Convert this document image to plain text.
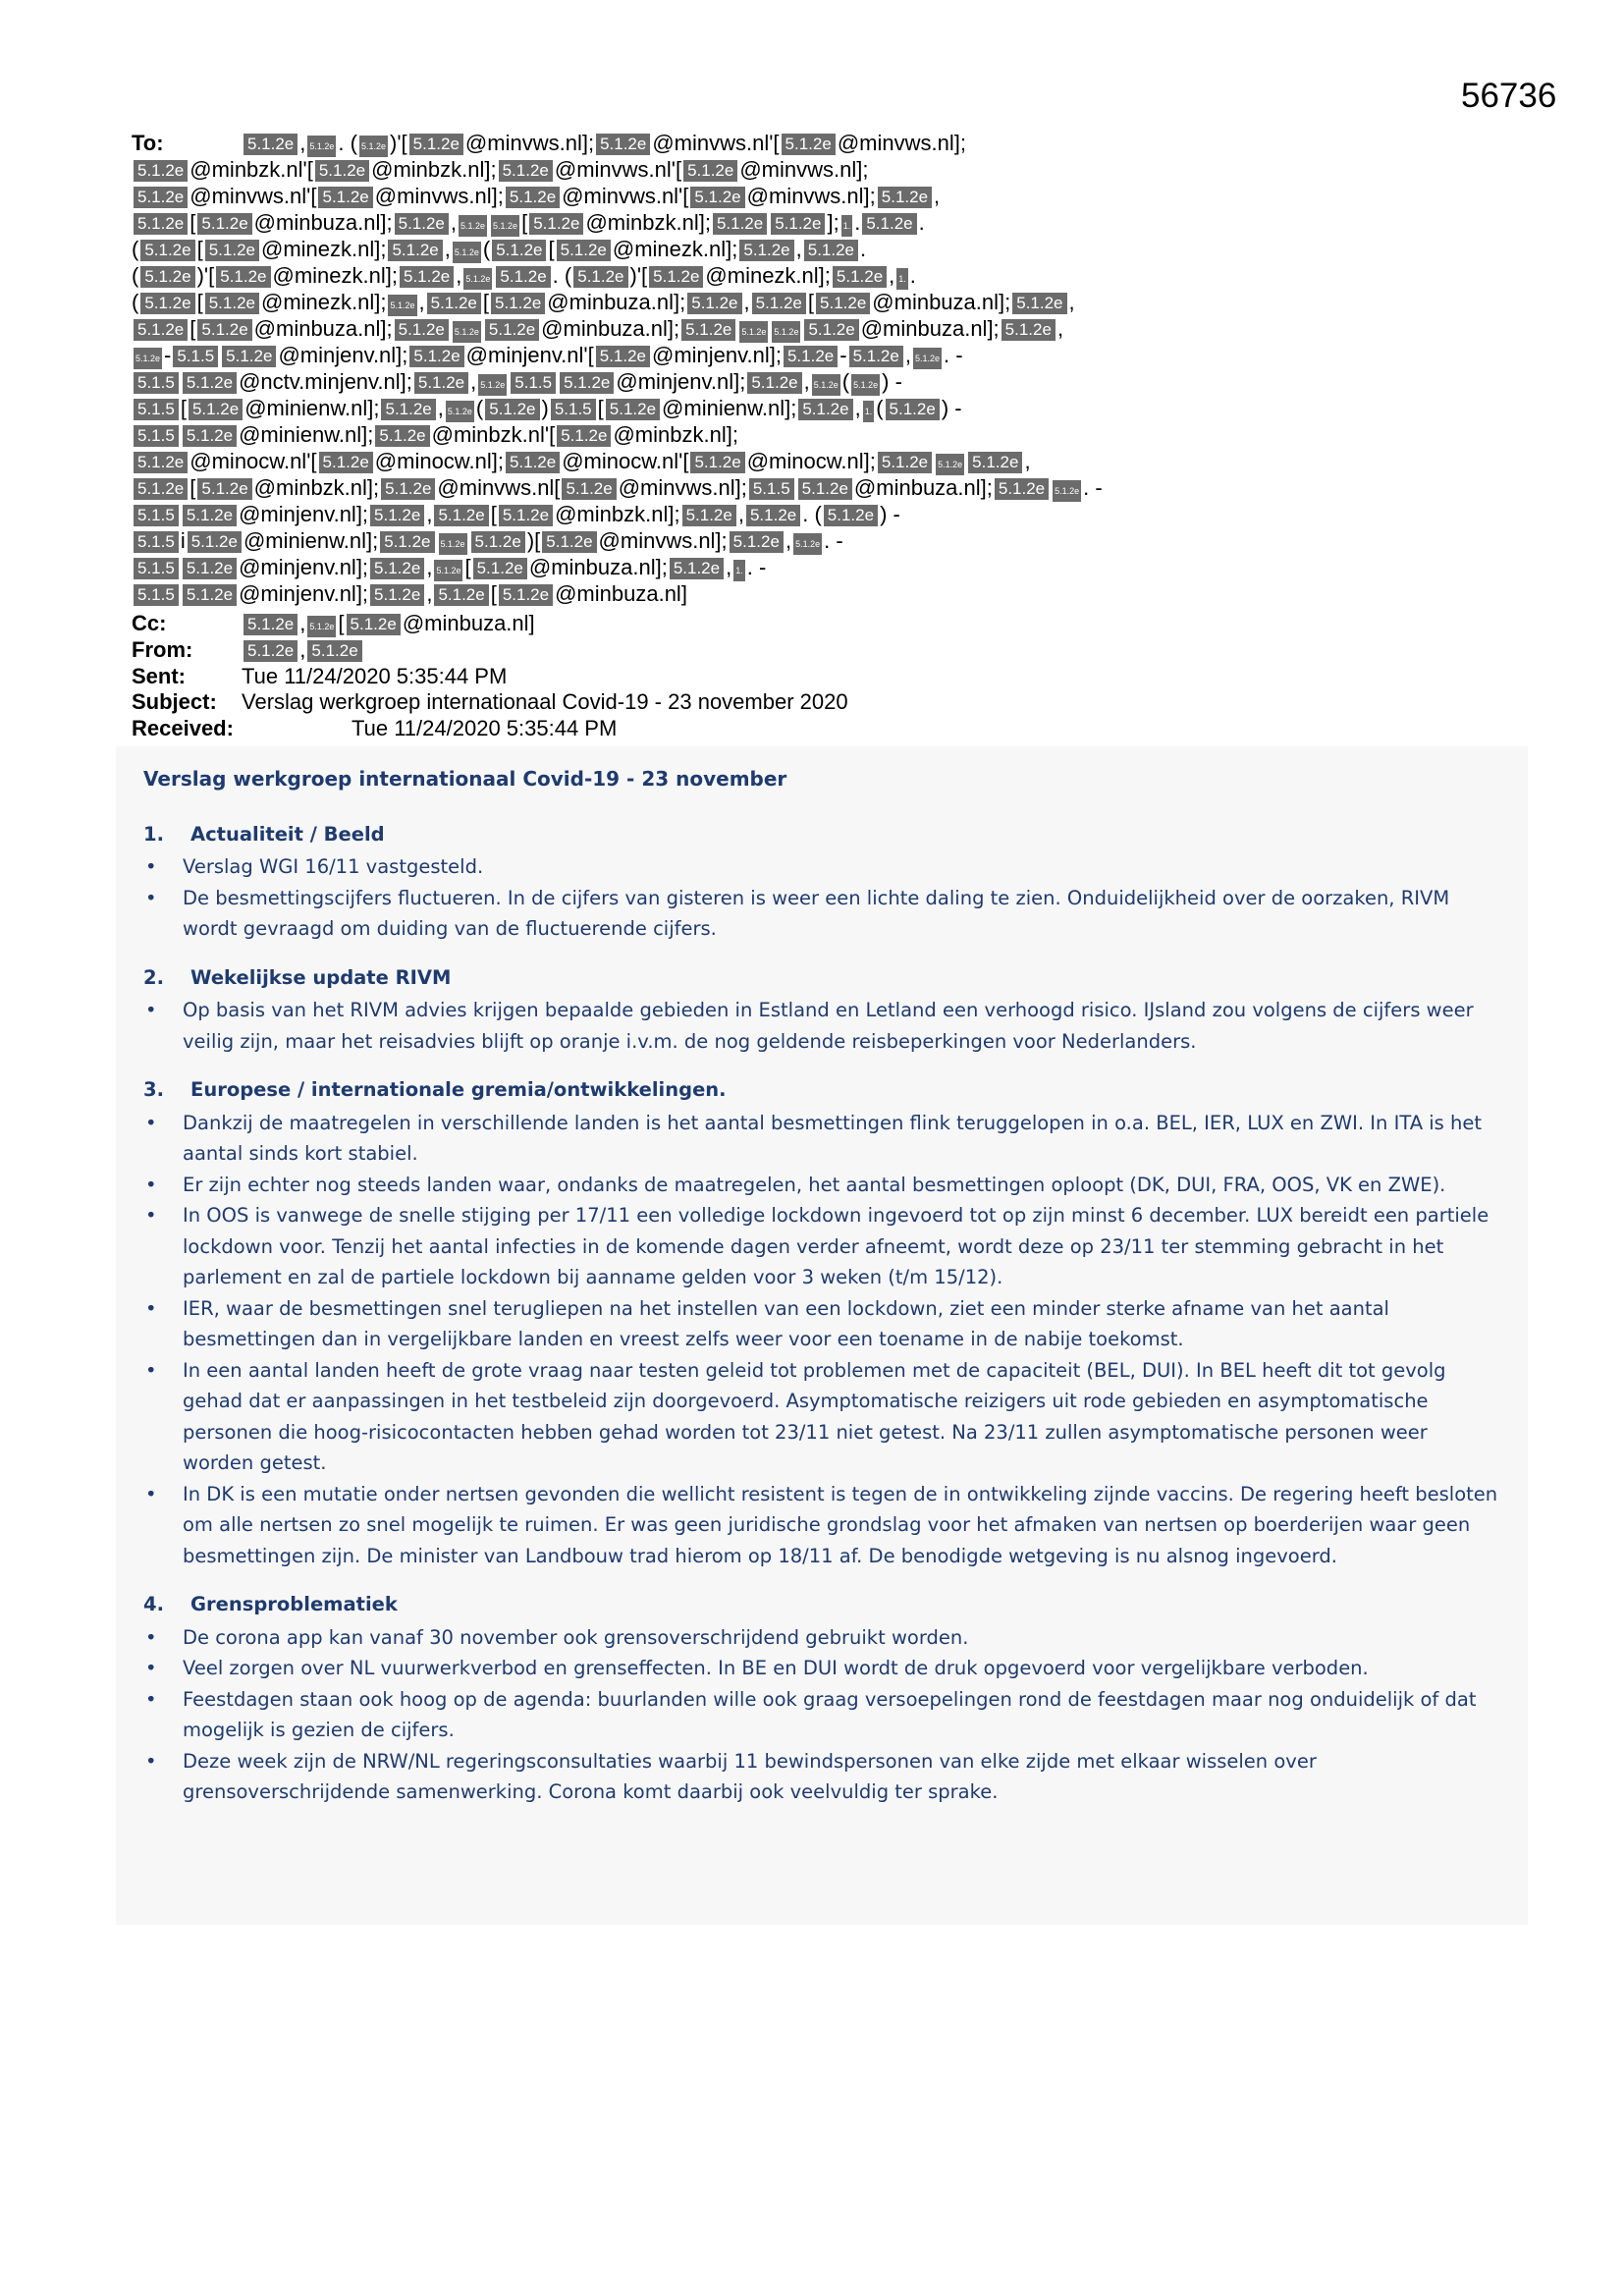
56736
To:	5.1.2e , 5.1.2e . ( 5.1.2e )'[ 5.1.2e @minvws.nl]; 5.1.2e @minvws.nl'[ 5.1.2e @minvws.nl];
5.1.2e @minbzk.nl'[ 5.1.2e @minbzk.nl]; 5.1.2e @minvws.nl'[ 5.1.2e @minvws.nl];
5.1.2e @minvws.nl'[ 5.1.2e @minvws.nl]; 5.1.2e @minvws.nl'[ 5.1.2e @minvws.nl]; 5.1.2e ,
5.1.2e [ 5.1.2e @minbuza.nl]; 5.1.2e , 5.1.2e 5.1.2e [ 5.1.2e @minbzk.nl]; 5.1.2e 5.1.2e ]; 1. . 5.1.2e .
( 5.1.2e [ 5.1.2e @minezk.nl]; 5.1.2e , 5.1.2e ( 5.1.2e [ 5.1.2e @minezk.nl]; 5.1.2e , 5.1.2e .
( 5.1.2e )'[ 5.1.2e @minezk.nl]; 5.1.2e , 5.1.2e 5.1.2e . ( 5.1.2e )'[ 5.1.2e @minezk.nl]; 5.1.2e , 1. .
( 5.1.2e [ 5.1.2e @minezk.nl]; 5.1.2e , 5.1.2e [ 5.1.2e @minbuza.nl]; 5.1.2e , 5.1.2e [ 5.1.2e @minbuza.nl]; 5.1.2e ,
5.1.2e [ 5.1.2e @minbuza.nl]; 5.1.2e 5.1.2e 5.1.2e @minbuza.nl]; 5.1.2e 5.1.2e 5.1.2e 5.1.2e @minbuza.nl]; 5.1.2e ,
5.1.2e - 5.1.5 5.1.2e @minjenv.nl]; 5.1.2e @minjenv.nl'[ 5.1.2e @minjenv.nl]; 5.1.2e - 5.1.2e , 5.1.2e . -
5.1.5 5.1.2e @nctv.minjenv.nl]; 5.1.2e , 5.1.2e 5.1.5 5.1.2e @minjenv.nl]; 5.1.2e , 5.1.2e ( 5.1.2e ) -
5.1.5 [ 5.1.2e @minienw.nl]; 5.1.2e , 5.1.2e ( 5.1.2e ) 5.1.5 [ 5.1.2e @minienw.nl]; 5.1.2e , 1. ( 5.1.2e ) -
5.1.5 5.1.2e @minienw.nl]; 5.1.2e @minbzk.nl'[ 5.1.2e @minbzk.nl];
5.1.2e @minocw.nl'[ 5.1.2e @minocw.nl]; 5.1.2e @minocw.nl'[ 5.1.2e @minocw.nl]; 5.1.2e 5.1.2e 5.1.2e ,
5.1.2e [ 5.1.2e @minbzk.nl]; 5.1.2e @minvws.nl[ 5.1.2e @minvws.nl]; 5.1.5 5.1.2e @minbuza.nl]; 5.1.2e 5.1.2e . -
5.1.5 5.1.2e @minjenv.nl]; 5.1.2e , 5.1.2e [ 5.1.2e @minbzk.nl]; 5.1.2e , 5.1.2e . ( 5.1.2e ) -
5.1.5 i 5.1.2e @minienw.nl]; 5.1.2e 5.1.2e 5.1.2e )[ 5.1.2e @minvws.nl]; 5.1.2e , 5.1.2e . -
5.1.5 5.1.2e @minjenv.nl]; 5.1.2e , 5.1.2e [ 5.1.2e @minbuza.nl]; 5.1.2e , 1. . -
5.1.5 5.1.2e @minjenv.nl]; 5.1.2e , 5.1.2e [ 5.1.2e @minbuza.nl]
Cc:	5.1.2e , 5.1.2e [ 5.1.2e @minbuza.nl]
From:	5.1.2e , 5.1.2e
Sent:	Tue 11/24/2020 5:35:44 PM
Subject: Verslag werkgroep internationaal Covid-19 - 23 november 2020
Received:	Tue 11/24/2020 5:35:44 PM
Verslag werkgroep internationaal Covid-19 - 23 november
1. Actualiteit / Beeld
• Verslag WGI 16/11 vastgesteld.
• De besmettingscijfers fluctueren. In de cijfers van gisteren is weer een lichte daling te zien. Onduidelijkheid over de oorzaken, RIVM wordt gevraagd om duiding van de fluctuerende cijfers.
2. Wekelijkse update RIVM
• Op basis van het RIVM advies krijgen bepaalde gebieden in Estland en Letland een verhoogd risico. IJsland zou volgens de cijfers weer veilig zijn, maar het reisadvies blijft op oranje i.v.m. de nog geldende reisbeperkingen voor Nederlanders.
3. Europese / internationale gremia/ontwikkelingen.
• Dankzij de maatregelen in verschillende landen is het aantal besmettingen flink teruggelopen in o.a. BEL, IER, LUX en ZWI. In ITA is het aantal sinds kort stabiel.
• Er zijn echter nog steeds landen waar, ondanks de maatregelen, het aantal besmettingen oploopt (DK, DUI, FRA, OOS, VK en ZWE).
• In OOS is vanwege de snelle stijging per 17/11 een volledige lockdown ingevoerd tot op zijn minst 6 december. LUX bereidt een partiele lockdown voor. Tenzij het aantal infecties in de komende dagen verder afneemt, wordt deze op 23/11 ter stemming gebracht in het parlement en zal de partiele lockdown bij aanname gelden voor 3 weken (t/m 15/12).
• IER, waar de besmettingen snel terugliepen na het instellen van een lockdown, ziet een minder sterke afname van het aantal besmettingen dan in vergelijkbare landen en vreest zelfs weer voor een toename in de nabije toekomst.
• In een aantal landen heeft de grote vraag naar testen geleid tot problemen met de capaciteit (BEL, DUI). In BEL heeft dit tot gevolg gehad dat er aanpassingen in het testbeleid zijn doorgevoerd. Asymptomatische reizigers uit rode gebieden en asymptomatische personen die hoog-risicocontacten hebben gehad worden tot 23/11 niet getest. Na 23/11 zullen asymptomatische personen weer worden getest.
• In DK is een mutatie onder nertsen gevonden die wellicht resistent is tegen de in ontwikkeling zijnde vaccins. De regering heeft besloten om alle nertsen zo snel mogelijk te ruimen. Er was geen juridische grondslag voor het afmaken van nertsen op boerderijen waar geen besmettingen zijn. De minister van Landbouw trad hierom op 18/11 af. De benodigde wetgeving is nu alsnog ingevoerd.
4. Grensproblematiek
• De corona app kan vanaf 30 november ook grensoverschrijdend gebruikt worden.
• Veel zorgen over NL vuurwerkverbod en grenseffecten. In BE en DUI wordt de druk opgevoerd voor vergelijkbare verboden.
• Feestdagen staan ook hoog op de agenda: buurlanden wille ook graag versoepelingen rond de feestdagen maar nog onduidelijk of dat mogelijk is gezien de cijfers.
• Deze week zijn de NRW/NL regeringsconsultaties waarbij 11 bewindspersonen van elke zijde met elkaar wisselen over grensoverschrijdende samenwerking. Corona komt daarbij ook veelvuldig ter sprake.
